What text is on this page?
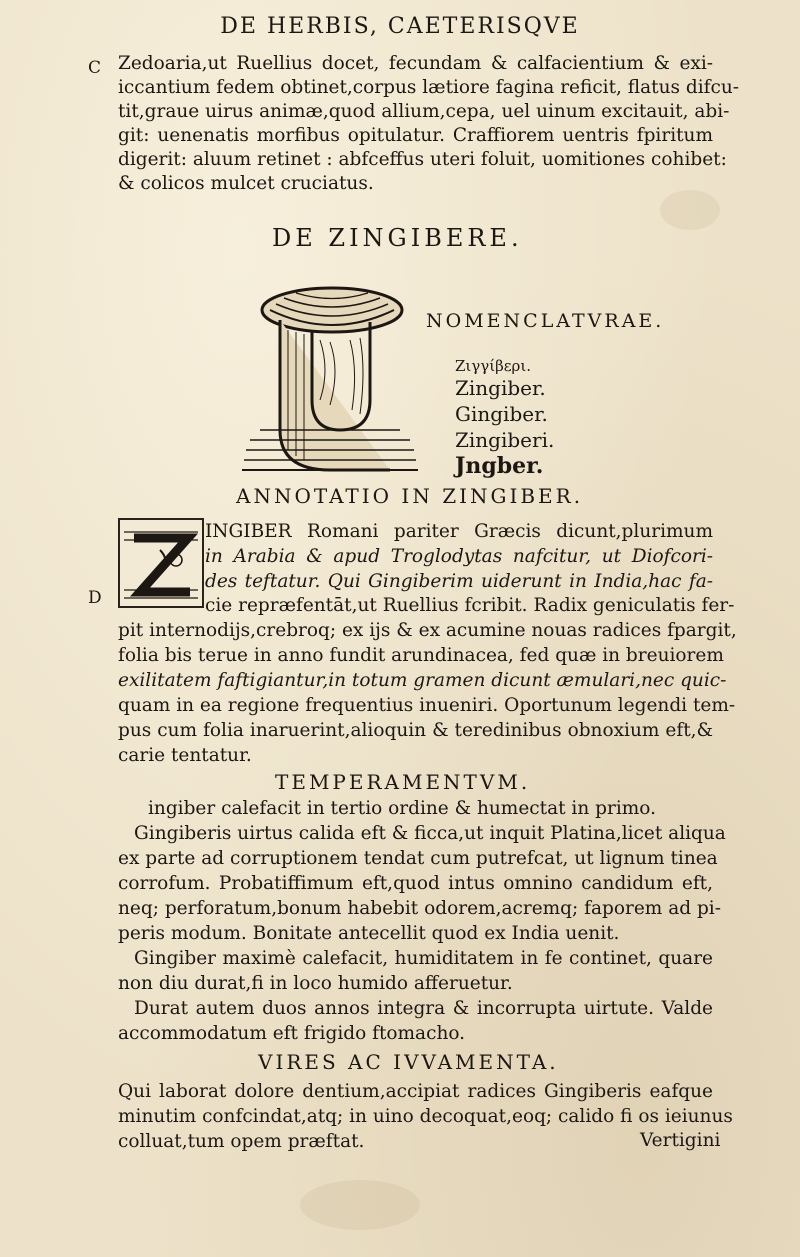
DE HERBIS, CAETERISQVE
C
D
Zedoaria,ut Ruellius docet, fecundam & calfacientium & exi-
iccantium fedem obtinet,corpus lætiore fagina reficit, flatus difcu-
tit,graue uirus animæ,quod allium,cepa, uel uinum excitauit, abi-
git: uenenatis morfibus opitulatur. Craffiorem uentris fpiritum
digerit: aluum retinet : abfceffus uteri foluit, uomitiones cohibet:
& colicos mulcet cruciatus.
DE ZINGIBERE.
NOMENCLATVRAE.
Ζιγγίβερι.
Zingiber.
Gingiber.
Zingiberi.
Jngber.
ANNOTATIO IN ZINGIBER.
INGIBER Romani pariter Græcis dicunt,plurimum
in Arabia & apud Troglodytas nafcitur, ut Diofcori-
des teftatur. Qui Gingiberim uiderunt in India,hac fa-
cie repræfentāt,ut Ruellius fcribit. Radix geniculatis fer-
pit internodijs,crebroq; ex ijs & ex acumine nouas radices fpargit,
folia bis terue in anno fundit arundinacea, fed quæ in breuiorem
exilitatem faftigiantur,in totum gramen dicunt æmulari,nec quic-
quam in ea regione frequentius inueniri. Oportunum legendi tem-
pus cum folia inaruerint,alioquin & teredinibus obnoxium eft,&
carie tentatur.
TEMPERAMENTVM.
ingiber calefacit in tertio ordine & humectat in primo.
Gingiberis uirtus calida eft & ficca,ut inquit Platina,licet aliqua
ex parte ad corruptionem tendat cum putrefcat, ut lignum tinea
corrofum. Probatiffimum eft,quod intus omnino candidum eft,
neq; perforatum,bonum habebit odorem,acremq; faporem ad pi-
peris modum. Bonitate antecellit quod ex India uenit.
Gingiber maximè calefacit, humiditatem in fe continet, quare
non diu durat,fi in loco humido afferuetur.
Durat autem duos annos integra & incorrupta uirtute. Valde
accommodatum eft frigido ftomacho.
VIRES AC IVVAMENTA.
Qui laborat dolore dentium,accipiat radices Gingiberis eafque
minutim confcindat,atq; in uino decoquat,eoq; calido fi os ieiunus
colluat,tum opem præftat.	Vertigini
